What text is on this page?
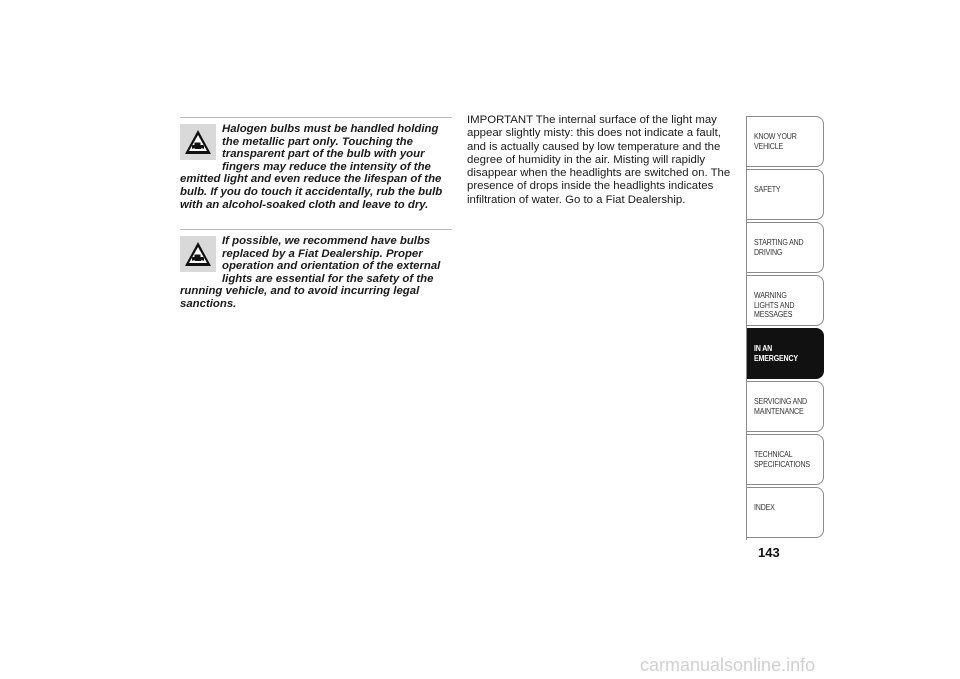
Halogen bulbs must be handled holding the metallic part only. Touching the transparent part of the bulb with your
fingers may reduce the intensity of the emitted light and even reduce the lifespan of the bulb. If you do touch it accidentally, rub the bulb with an alcohol-soaked cloth and leave to dry.

If possible, we recommend have bulbs replaced by a Fiat Dealership. Proper operation and orientation of the external
lights are essential for the safety of the running vehicle, and to avoid incurring legal sanctions.

IMPORTANT The internal surface of the light may appear slightly misty: this does not indicate a fault, and is actually caused by low temperature and the degree of humidity in the air. Misting will rapidly disappear when the headlights are switched on. The presence of drops inside the headlights indicates infiltration of water. Go to a Fiat Dealership.

KNOW YOUR VEHICLE
SAFETY
STARTING AND DRIVING
WARNING LIGHTS AND MESSAGES
IN AN EMERGENCY
SERVICING AND MAINTENANCE
TECHNICAL SPECIFICATIONS
INDEX
143
carmanualsonline.info
